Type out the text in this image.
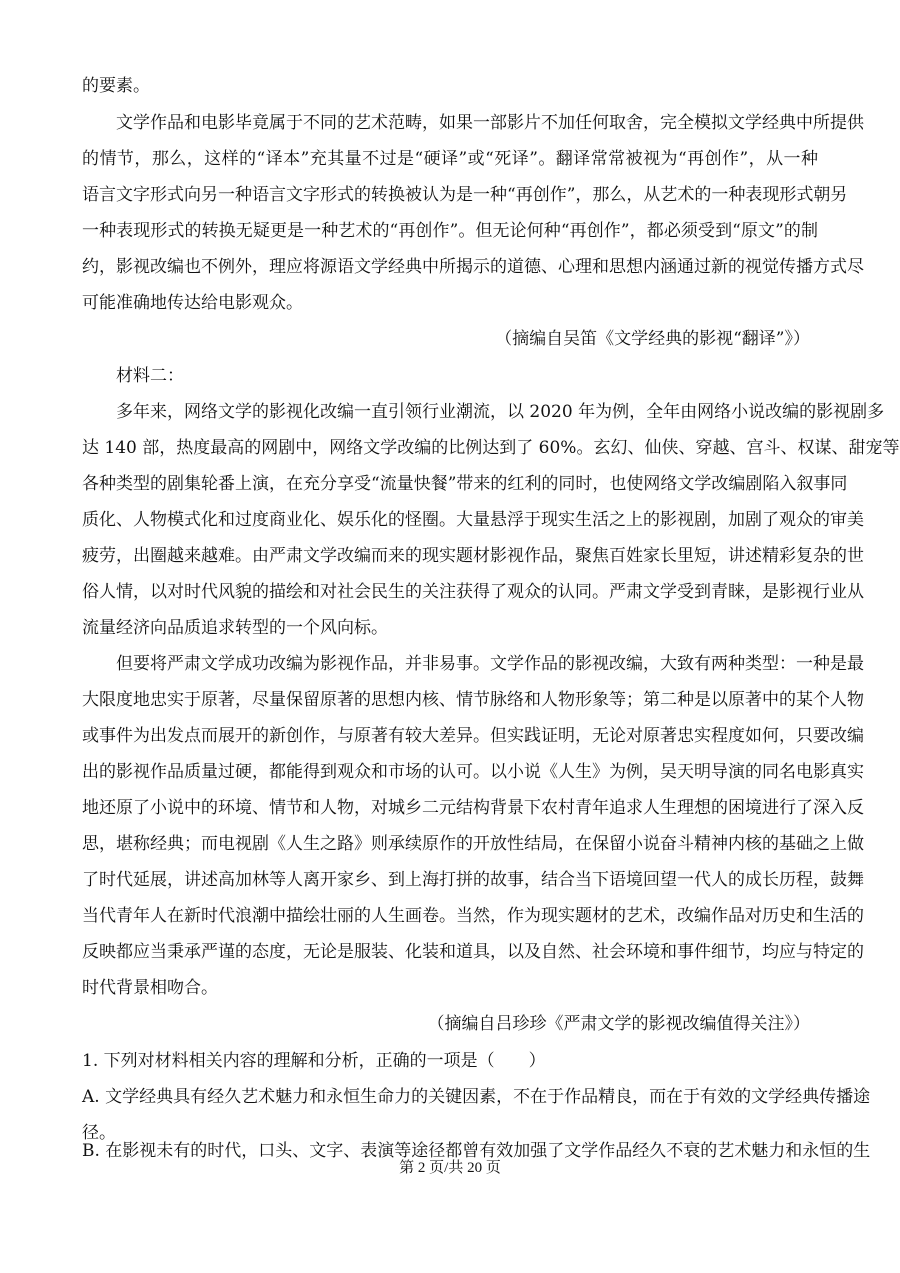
的要素。
文学作品和电影毕竟属于不同的艺术范畴，如果一部影片不加任何取舍，完全模拟文学经典中所提供
的情节，那么，这样的“译本”充其量不过是“硬译”或“死译”。翻译常常被视为“再创作”，从一种
语言文字形式向另一种语言文字形式的转换被认为是一种“再创作”，那么，从艺术的一种表现形式朝另
一种表现形式的转换无疑更是一种艺术的“再创作”。但无论何种“再创作”，都必须受到“原文”的制
约，影视改编也不例外，理应将源语文学经典中所揭示的道德、心理和思想内涵通过新的视觉传播方式尽
可能准确地传达给电影观众。
（摘编自吴笛《文学经典的影视“翻译”》）
材料二：
多年来，网络文学的影视化改编一直引领行业潮流，以 2020 年为例，全年由网络小说改编的影视剧多
达 140 部，热度最高的网剧中，网络文学改编的比例达到了 60%。玄幻、仙侠、穿越、宫斗、权谋、甜宠等
各种类型的剧集轮番上演，在充分享受“流量快餐”带来的红利的同时，也使网络文学改编剧陷入叙事同
质化、人物模式化和过度商业化、娱乐化的怪圈。大量悬浮于现实生活之上的影视剧，加剧了观众的审美
疲劳，出圈越来越难。由严肃文学改编而来的现实题材影视作品，聚焦百姓家长里短，讲述精彩复杂的世
俗人情，以对时代风貌的描绘和对社会民生的关注获得了观众的认同。严肃文学受到青睐，是影视行业从
流量经济向品质追求转型的一个风向标。
但要将严肃文学成功改编为影视作品，并非易事。文学作品的影视改编，大致有两种类型：一种是最
大限度地忠实于原著，尽量保留原著的思想内核、情节脉络和人物形象等；第二种是以原著中的某个人物
或事件为出发点而展开的新创作，与原著有较大差异。但实践证明，无论对原著忠实程度如何，只要改编
出的影视作品质量过硬，都能得到观众和市场的认可。以小说《人生》为例，吴天明导演的同名电影真实
地还原了小说中的环境、情节和人物，对城乡二元结构背景下农村青年追求人生理想的困境进行了深入反
思，堪称经典；而电视剧《人生之路》则承续原作的开放性结局，在保留小说奋斗精神内核的基础之上做
了时代延展，讲述高加林等人离开家乡、到上海打拼的故事，结合当下语境回望一代人的成长历程，鼓舞
当代青年人在新时代浪潮中描绘壮丽的人生画卷。当然，作为现实题材的艺术，改编作品对历史和生活的
反映都应当秉承严谨的态度，无论是服装、化装和道具，以及自然、社会环境和事件细节，均应与特定的
时代背景相吻合。
（摘编自吕珍珍《严肃文学的影视改编值得关注》）
1. 下列对材料相关内容的理解和分析，正确的一项是（　　）
A. 文学经典具有经久艺术魅力和永恒生命力的关键因素，不在于作品精良，而在于有效的文学经典传播途
径。
B. 在影视未有的时代，口头、文字、表演等途径都曾有效加强了文学作品经久不衰的艺术魅力和永恒的生
第 2 页/共 20 页
